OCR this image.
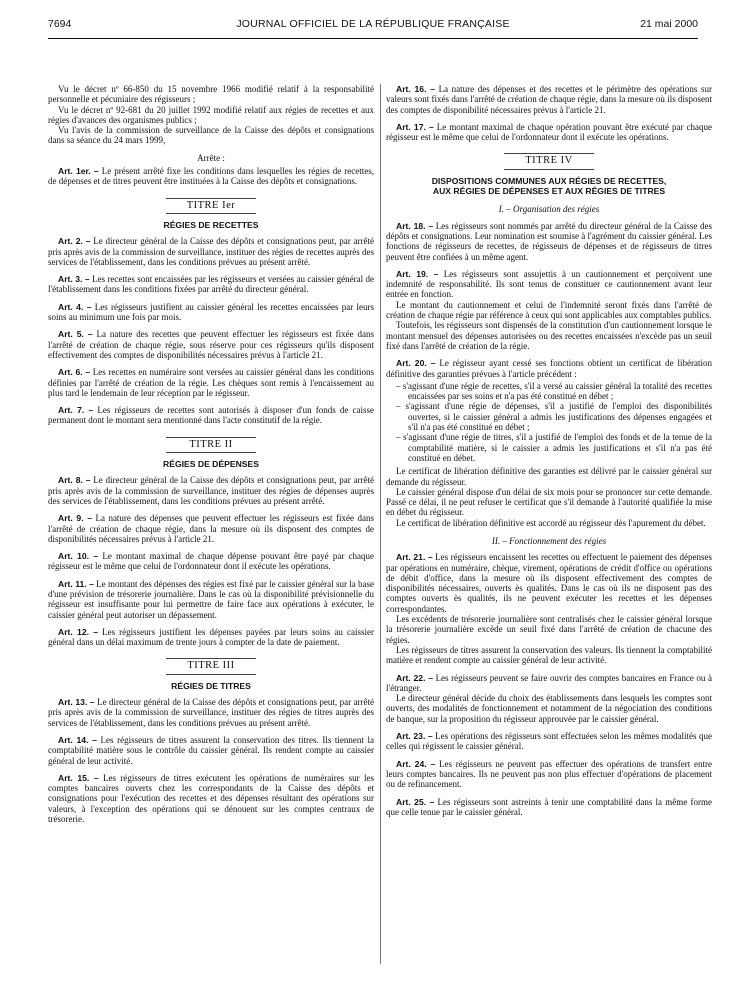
7694	JOURNAL OFFICIEL DE LA RÉPUBLIQUE FRANÇAISE	21 mai 2000

Vu le décret nº 66-850 du 15 novembre 1966 modifié relatif à la responsabilité personnelle et pécuniaire des régisseurs ;

Vu le décret nº 92-681 du 20 juillet 1992 modifié relatif aux régies de recettes et aux régies d'avances des organismes publics ;

Vu l'avis de la commission de surveillance de la Caisse des dépôts et consignations dans sa séance du 24 mars 1999,

Arrête :

Art. 1er. – Le présent arrêté fixe les conditions dans lesquelles les régies de recettes, de dépenses et de titres peuvent être instituées à la Caisse des dépôts et consignations.

TITRE Ier

RÉGIES DE RECETTES

Art. 2. – Le directeur général de la Caisse des dépôts et consignations peut, par arrêté pris après avis de la commission de surveillance, instituer des régies de recettes auprès des services de l'établissement, dans les conditions prévues au présent arrêté.

Art. 3. – Les recettes sont encaissées par les régisseurs et versées au caissier général de l'établissement dans les conditions fixées par arrêté du directeur général.

Art. 4. – Les régisseurs justifient au caissier général les recettes encaissées par leurs soins au minimum une fois par mois.

Art. 5. – La nature des recettes que peuvent effectuer les régisseurs est fixée dans l'arrêté de création de chaque régie, sous réserve pour ces régisseurs qu'ils disposent effectivement des comptes de disponibilités nécessaires prévus à l'article 21.

Art. 6. – Les recettes en numéraire sont versées au caissier général dans les conditions définies par l'arrêté de création de la régie. Les chèques sont remis à l'encaissement au plus tard le lendemain de leur réception par le régisseur.

Art. 7. – Les régisseurs de recettes sont autorisés à disposer d'un fonds de caisse permanent dont le montant sera mentionné dans l'acte constitutif de la régie.

TITRE II

RÉGIES DE DÉPENSES

Art. 8. – Le directeur général de la Caisse des dépôts et consignations peut, par arrêté pris après avis de la commission de surveillance, instituer des régies de dépenses auprès des services de l'établissement, dans les conditions prévues au présent arrêté.

Art. 9. – La nature des dépenses que peuvent effectuer les régisseurs est fixée dans l'arrêté de création de chaque régie, dans la mesure où ils disposent des comptes de disponibilités nécessaires prévus à l'article 21.

Art. 10. – Le montant maximal de chaque dépense pouvant être payé par chaque régisseur est le même que celui de l'ordonnateur dont il exécute les opérations.

Art. 11. – Le montant des dépenses des régies est fixé par le caissier général sur la base d'une prévision de trésorerie journalière. Dans le cas où la disponibilité prévisionnelle du régisseur est insuffisante pour lui permettre de faire face aux opérations à exécuter, le caissier général peut autoriser un dépassement.

Art. 12. – Les régisseurs justifient les dépenses payées par leurs soins au caissier général dans un délai maximum de trente jours à compter de la date de paiement.

TITRE III

RÉGIES DE TITRES

Art. 13. – Le directeur général de la Caisse des dépôts et consignations peut, par arrêté pris après avis de la commission de surveillance, instituer des régies de titres auprès des services de l'établissement, dans les conditions prévues au présent arrêté.

Art. 14. – Les régisseurs de titres assurent la conservation des titres. Ils tiennent la comptabilité matière sous le contrôle du caissier général. Ils rendent compte au caissier général de leur activité.

Art. 15. – Les régisseurs de titres exécutent les opérations de numéraires sur les comptes bancaires ouverts chez les correspondants de la Caisse des dépôts et consignations pour l'exécution des recettes et des dépenses résultant des opérations sur valeurs, à l'exception des opérations qui se dénouent sur les comptes centraux de trésorerie.

Art. 16. – La nature des dépenses et des recettes et le périmètre des opérations sur valeurs sont fixés dans l'arrêté de création de chaque régie, dans la mesure où ils disposent des comptes de disponibilité nécessaires prévus à l'article 21.

Art. 17. – Le montant maximal de chaque opération pouvant être exécuté par chaque régisseur est le même que celui de l'ordonnateur dont il exécute les opérations.

TITRE IV

DISPOSITIONS COMMUNES AUX RÉGIES DE RECETTES,

AUX RÉGIES DE DÉPENSES ET AUX RÉGIES DE TITRES

I. – Organisation des régies

Art. 18. – Les régisseurs sont nommés par arrêté du directeur général de la Caisse des dépôts et consignations. Leur nomination est soumise à l'agrément du caissier général. Les fonctions de régisseurs de recettes, de régisseurs de dépenses et de régisseurs de titres peuvent être confiées à un même agent.

Art. 19. – Les régisseurs sont assujettis à un cautionnement et perçoivent une indemnité de responsabilité. Ils sont tenus de constituer ce cautionnement avant leur entrée en fonction.

Le montant du cautionnement et celui de l'indemnité seront fixés dans l'arrêté de création de chaque régie par référence à ceux qui sont applicables aux comptables publics.

Toutefois, les régisseurs sont dispensés de la constitution d'un cautionnement lorsque le montant mensuel des dépenses autorisées ou des recettes encaissées n'excède pas un seuil fixé dans l'arrêté de création de la régie.

Art. 20. – Le régisseur ayant cessé ses fonctions obtient un certificat de libération définitive des garanties prévues à l'article précédent :

– s'agissant d'une régie de recettes, s'il a versé au caissier général la totalité des recettes encaissées par ses soins et n'a pas été constitué en débet ;
– s'agissant d'une régie de dépenses, s'il a justifié de l'emploi des disponibilités ouvertes, si le caissier général a admis les justifications des dépenses engagées et s'il n'a pas été constitué en débet ;
– s'agissant d'une régie de titres, s'il a justifié de l'emploi des fonds et de la tenue de la comptabilité matière, si le caissier a admis les justifications et s'il n'a pas été constitué en débet.

Le certificat de libération définitive des garanties est délivré par le caissier général sur demande du régisseur.

Le caissier général dispose d'un délai de six mois pour se prononcer sur cette demande. Passé ce délai, il ne peut refuser le certificat que s'il demande à l'autorité qualifiée la mise en débet du régisseur.

Le certificat de libération définitive est accordé au régisseur dès l'apurement du débet.

II. – Fonctionnement des régies

Art. 21. – Les régisseurs encaissent les recettes ou effectuent le paiement des dépenses par opérations en numéraire, chèque, virement, opérations de crédit d'office ou opérations de débit d'office, dans la mesure où ils disposent effectivement des comptes de disponibilités nécessaires, ouverts ès qualités. Dans le cas où ils ne disposent pas des comptes ouverts ès qualités, ils ne peuvent exécuter les recettes et les dépenses correspondantes.

Les excédents de trésorerie journalière sont centralisés chez le caissier général lorsque la trésorerie journalière excède un seuil fixé dans l'arrêté de création de chacune des régies.

Les régisseurs de titres assurent la conservation des valeurs. Ils tiennent la comptabilité matière et rendent compte au caissier général de leur activité.

Art. 22. – Les régisseurs peuvent se faire ouvrir des comptes bancaires en France ou à l'étranger.

Le directeur général décide du choix des établissements dans lesquels les comptes sont ouverts, des modalités de fonctionnement et notamment de la négociation des conditions de banque, sur la proposition du régisseur approuvée par le caissier général.

Art. 23. – Les opérations des régisseurs sont effectuées selon les mêmes modalités que celles qui régissent le caissier général.

Art. 24. – Les régisseurs ne peuvent pas effectuer des opérations de transfert entre leurs comptes bancaires. Ils ne peuvent pas non plus effectuer d'opérations de placement ou de refinancement.

Art. 25. – Les régisseurs sont astreints à tenir une comptabilité dans la même forme que celle tenue par le caissier général.
